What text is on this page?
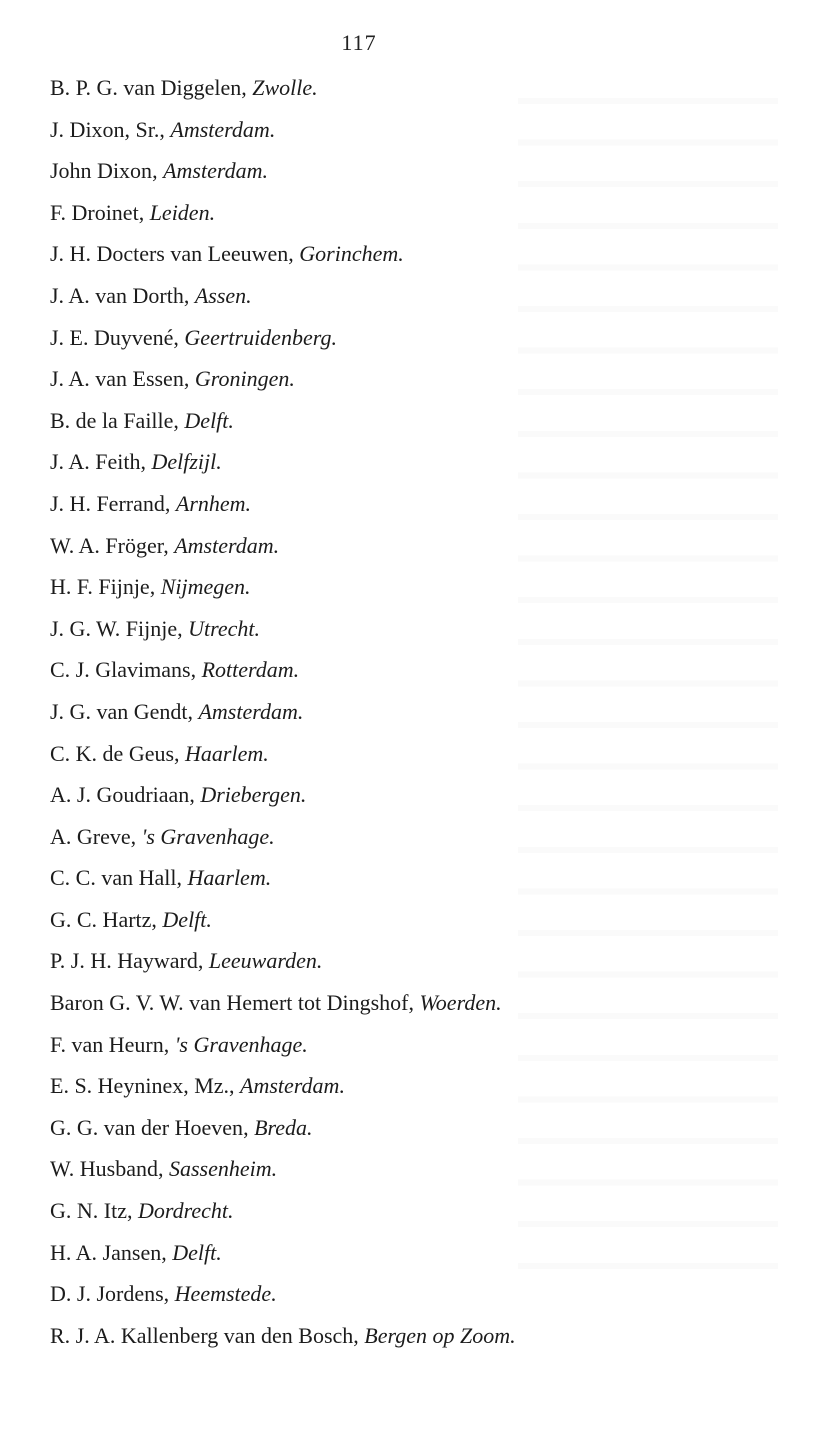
117
B. P. G. van Diggelen, Zwolle.
J. Dixon, Sr., Amsterdam.
John Dixon, Amsterdam.
F. Droinet, Leiden.
J. H. Docters van Leeuwen, Gorinchem.
J. A. van Dorth, Assen.
J. E. Duyvené, Geertruidenberg.
J. A. van Essen, Groningen.
B. de la Faille, Delft.
J. A. Feith, Delfzijl.
J. H. Ferrand, Arnhem.
W. A. Fröger, Amsterdam.
H. F. Fijnje, Nijmegen.
J. G. W. Fijnje, Utrecht.
C. J. Glavimans, Rotterdam.
J. G. van Gendt, Amsterdam.
C. K. de Geus, Haarlem.
A. J. Goudriaan, Driebergen.
A. Greve, 's Gravenhage.
C. C. van Hall, Haarlem.
G. C. Hartz, Delft.
P. J. H. Hayward, Leeuwarden.
Baron G. V. W. van Hemert tot Dingshof, Woerden.
F. van Heurn, 's Gravenhage.
E. S. Heyninex, Mz., Amsterdam.
G. G. van der Hoeven, Breda.
W. Husband, Sassenheim.
G. N. Itz, Dordrecht.
H. A. Jansen, Delft.
D. J. Jordens, Heemstede.
R. J. A. Kallenberg van den Bosch, Bergen op Zoom.
